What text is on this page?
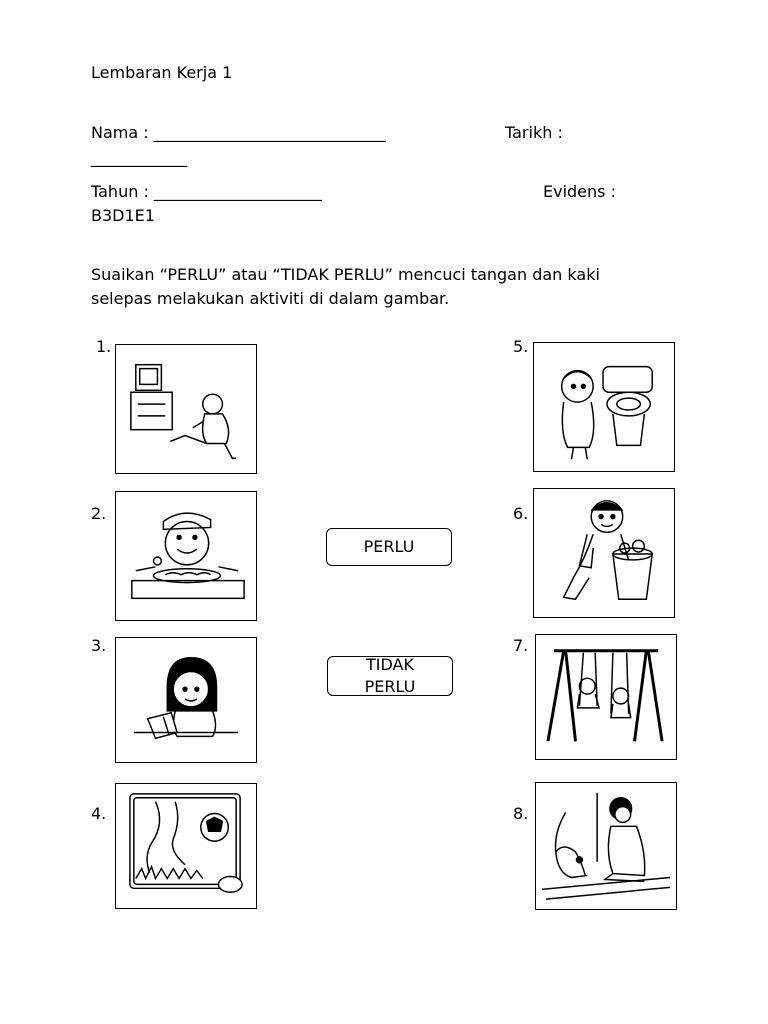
Lembaran Kerja 1
Nama : _____________________________	Tarikh :
____________
Tahun : _____________________	Evidens :
B3D1E1
Suaikan “PERLU” atau “TIDAK PERLU” mencuci tangan dan kaki
selepas melakukan aktiviti di dalam gambar.
1.
2.
3.
4.
5.
6.
7.
8.
PERLU
TIDAK
PERLU
